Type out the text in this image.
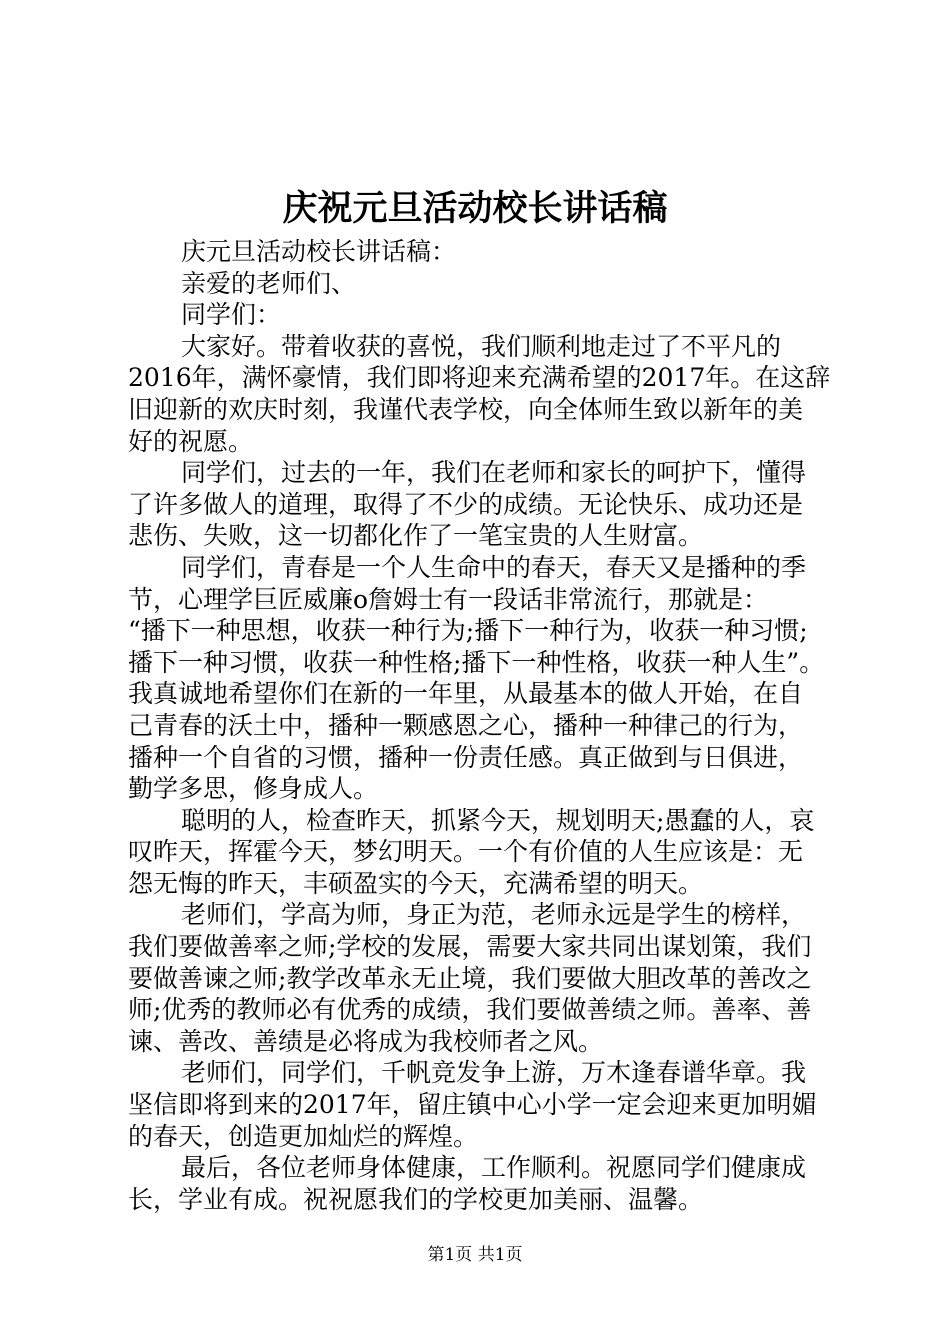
庆祝元旦活动校长讲话稿
庆元旦活动校长讲话稿：
亲爱的老师们、
同学们：
大家好。带着收获的喜悦，我们顺利地走过了不平凡的
2016年，满怀豪情，我们即将迎来充满希望的2017年。在这辞
旧迎新的欢庆时刻，我谨代表学校，向全体师生致以新年的美
好的祝愿。
同学们，过去的一年，我们在老师和家长的呵护下，懂得
了许多做人的道理，取得了不少的成绩。无论快乐、成功还是
悲伤、失败，这一切都化作了一笔宝贵的人生财富。
同学们，青春是一个人生命中的春天，春天又是播种的季
节，心理学巨匠威廉o詹姆士有一段话非常流行，那就是：
“播下一种思想，收获一种行为;播下一种行为，收获一种习惯;
播下一种习惯，收获一种性格;播下一种性格，收获一种人生”。
我真诚地希望你们在新的一年里，从最基本的做人开始，在自
己青春的沃土中，播种一颗感恩之心，播种一种律己的行为，
播种一个自省的习惯，播种一份责任感。真正做到与日俱进，
勤学多思，修身成人。
聪明的人，检查昨天，抓紧今天，规划明天;愚蠢的人，哀
叹昨天，挥霍今天，梦幻明天。一个有价值的人生应该是：无
怨无悔的昨天，丰硕盈实的今天，充满希望的明天。
老师们，学高为师，身正为范，老师永远是学生的榜样，
我们要做善率之师;学校的发展，需要大家共同出谋划策，我们
要做善谏之师;教学改革永无止境，我们要做大胆改革的善改之
师;优秀的教师必有优秀的成绩，我们要做善绩之师。善率、善
谏、善改、善绩是必将成为我校师者之风。
老师们，同学们，千帆竞发争上游，万木逢春谱华章。我
坚信即将到来的2017年，留庄镇中心小学一定会迎来更加明媚
的春天，创造更加灿烂的辉煌。
最后，各位老师身体健康，工作顺利。祝愿同学们健康成
长，学业有成。祝祝愿我们的学校更加美丽、温馨。
第1页 共1页
